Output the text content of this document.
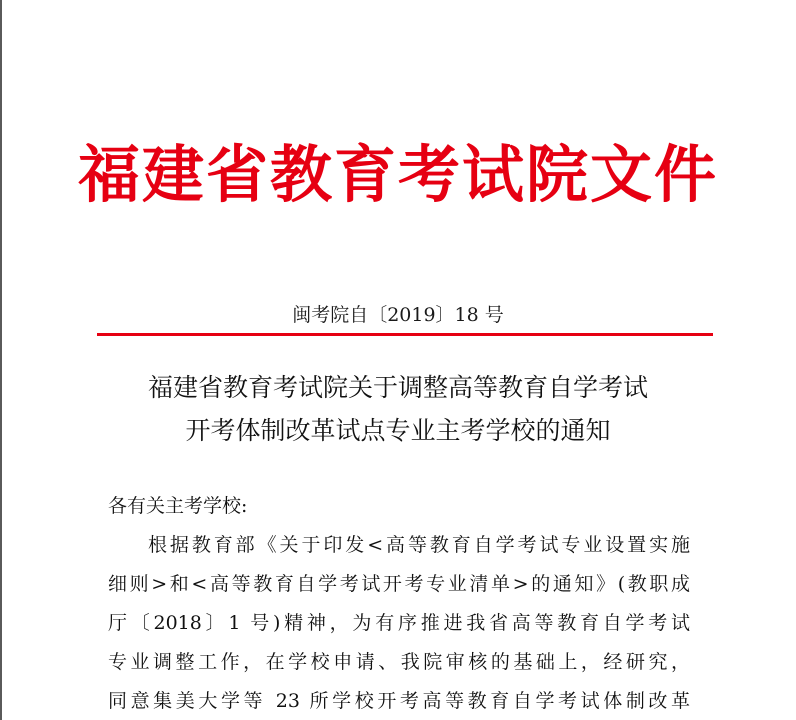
福建省教育考试院文件
闽考院自〔2019〕18 号
福建省教育考试院关于调整高等教育自学考试
开考体制改革试点专业主考学校的通知
各有关主考学校:
根据教育部《关于印发<高等教育自学考试专业设置实施
细则>和<高等教育自学考试开考专业清单>的通知》(教职成
厅〔2018〕1 号)精神，为有序推进我省高等教育自学考试
专业调整工作，在学校申请、我院审核的基础上，经研究，
同意集美大学等 23 所学校开考高等教育自学考试体制改革
